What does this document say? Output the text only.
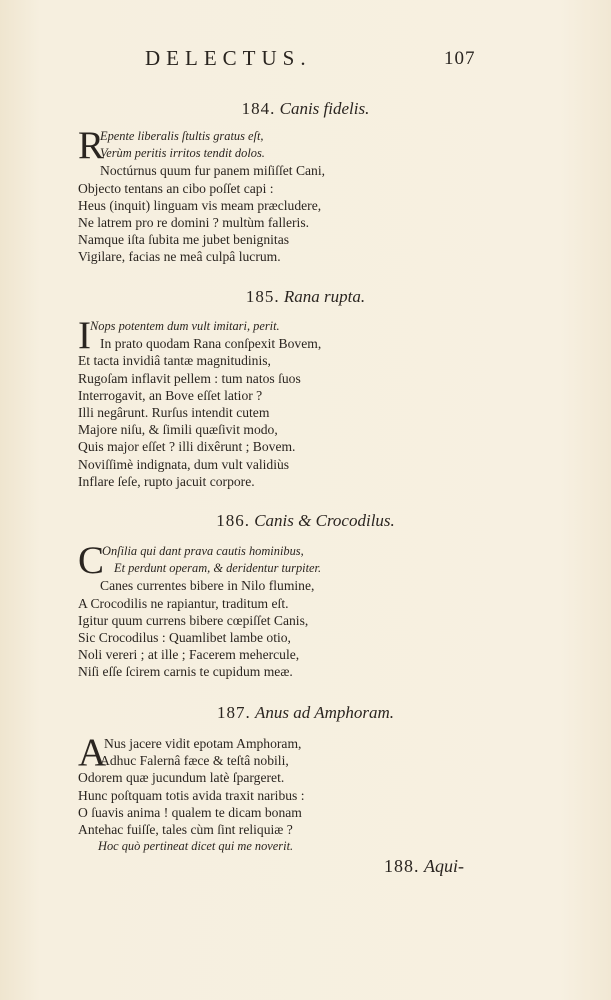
DELECTUS.	107

184. Canis fidelis.

R
Epente liberalis ſtultis gratus eſt,
Verùm peritis irritos tendit dolos.
Noctúrnus quum fur panem miſiſſet Cani,
Objecto tentans an cibo poſſet capi :
Heus (inquit) linguam vis meam præcludere,
Ne latrem pro re domini ? multùm falleris.
Namque iſta ſubita me jubet benignitas
Vigilare, facias ne meâ culpâ lucrum.

185. Rana rupta.

I Nops potentem dum vult imitari, perit.
In prato quodam Rana conſpexit Bovem,
Et tacta invidiâ tantæ magnitudinis,
Rugoſam inflavit pellem : tum natos ſuos
Interrogavit, an Bove eſſet latior ?
Illi negârunt. Rurſus intendit cutem
Majore niſu, & ſimili quæſivit modo,
Quis major eſſet ? illi dixêrunt ; Bovem.
Noviſſimè indignata, dum vult validiùs
Inflare ſeſe, rupto jacuit corpore.

186. Canis & Crocodilus.

C
Onſilia qui dant prava cautis hominibus,
Et perdunt operam, & deridentur turpiter.
Canes currentes bibere in Nilo flumine,
A Crocodilis ne rapiantur, traditum eſt.
Igitur quum currens bibere cœpiſſet Canis,
Sic Crocodilus : Quamlibet lambe otio,
Noli vereri ; at ille ; Facerem mehercule,
Niſi eſſe ſcirem carnis te cupidum meæ.

187. Anus ad Amphoram.

A
Nus jacere vidit epotam Amphoram,
Adhuc Falernâ fæce & teſtâ nobili,
Odorem quæ jucundum latè ſpargeret.
Hunc poſtquam totis avida traxit naribus :
O ſuavis anima ! qualem te dicam bonam
Antehac fuiſſe, tales cùm ſint reliquiæ ?
Hoc quò pertineat dicet qui me noverit.
188. Aqui-
